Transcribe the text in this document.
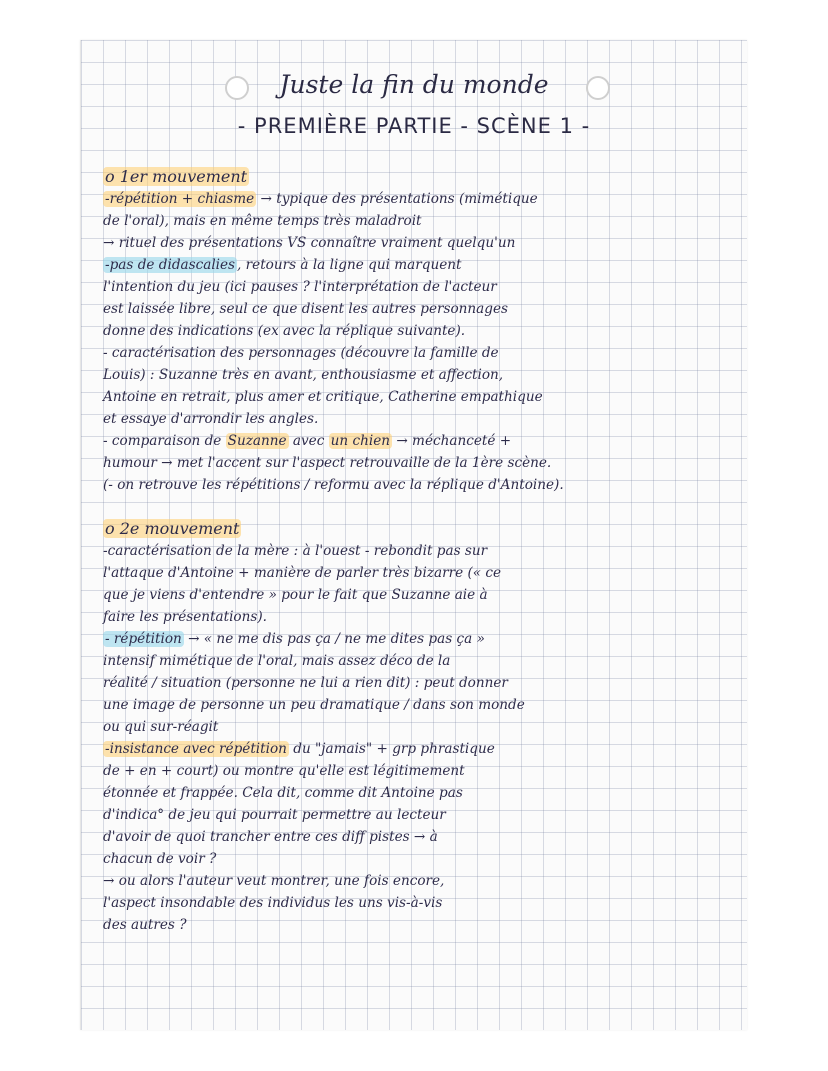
Juste la fin du monde
- PREMIÈRE PARTIE - SCÈNE 1 -
o 1er mouvement
-répétition + chiasme → typique des présentations (mimétique
de l'oral), mais en même temps très maladroit
→ rituel des présentations VS connaître vraiment quelqu'un
-pas de didascalies , retours à la ligne qui marquent
l'intention du jeu (ici pauses ? l'interprétation de l'acteur
est laissée libre, seul ce que disent les autres personnages
donne des indications (ex avec la réplique suivante).
- caractérisation des personnages (découvre la famille de
Louis) : Suzanne très en avant, enthousiasme et affection,
Antoine en retrait, plus amer et critique, Catherine empathique
et essaye d'arrondir les angles.
- comparaison de Suzanne avec un chien → méchanceté +
humour → met l'accent sur l'aspect retrouvaille de la 1ère scène.
(- on retrouve les répétitions / reformu avec la réplique d'Antoine).
o 2e mouvement
-caractérisation de la mère : à l'ouest - rebondit pas sur
l'attaque d'Antoine + manière de parler très bizarre (« ce
que je viens d'entendre » pour le fait que Suzanne aie à
faire les présentations).
- répétition → « ne me dis pas ça / ne me dites pas ça »
intensif mimétique de l'oral, mais assez déco de la
réalité / situation (personne ne lui a rien dit) : peut donner
une image de personne un peu dramatique / dans son monde
ou qui sur-réagit
-insistance avec répétition du "jamais" + grp phrastique
de + en + court) ou montre qu'elle est légitimement
étonnée et frappée. Cela dit, comme dit Antoine pas
d'indica° de jeu qui pourrait permettre au lecteur
d'avoir de quoi trancher entre ces diff pistes → à
chacun de voir ?
→ ou alors l'auteur veut montrer, une fois encore,
l'aspect insondable des individus les uns vis-à-vis
des autres ?
